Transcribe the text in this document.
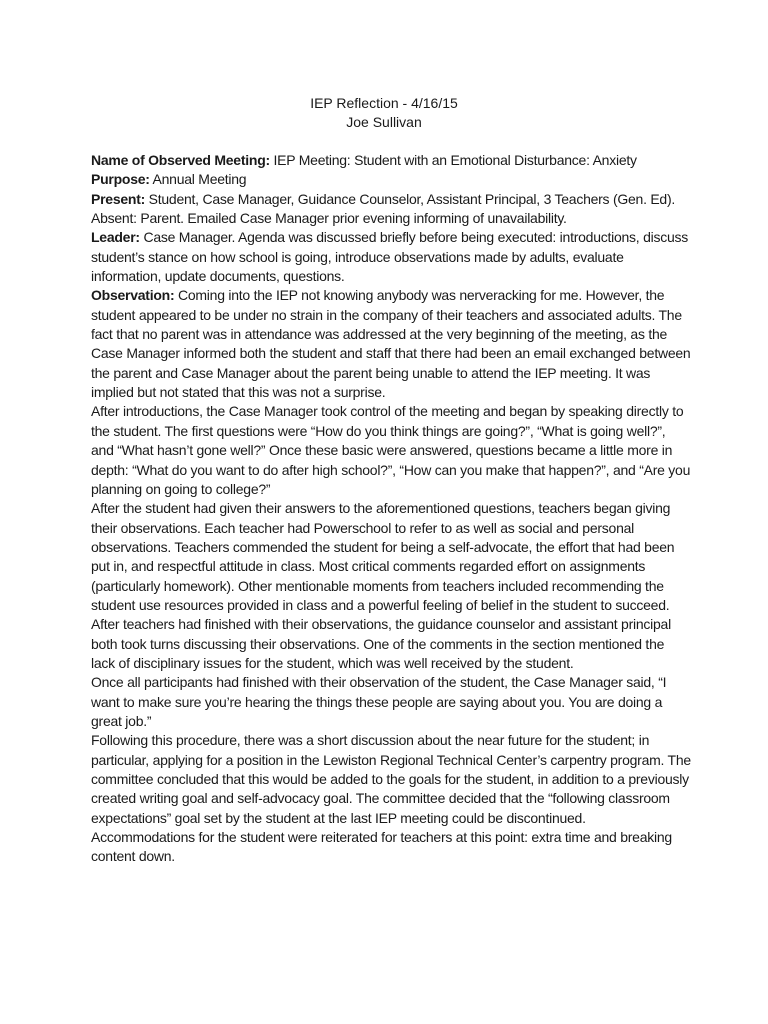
IEP Reflection - 4/16/15
Joe Sullivan

Name of Observed Meeting: IEP Meeting: Student with an Emotional Disturbance: Anxiety

Purpose: Annual Meeting

Present: Student, Case Manager, Guidance Counselor, Assistant Principal, 3 Teachers (Gen. Ed). Absent: Parent. Emailed Case Manager prior evening informing of unavailability.

Leader: Case Manager. Agenda was discussed briefly before being executed: introductions, discuss student’s stance on how school is going, introduce observations made by adults, evaluate information, update documents, questions.

Observation: Coming into the IEP not knowing anybody was nerveracking for me. However, the student appeared to be under no strain in the company of their teachers and associated adults. The fact that no parent was in attendance was addressed at the very beginning of the meeting, as the Case Manager informed both the student and staff that there had been an email exchanged between the parent and Case Manager about the parent being unable to attend the IEP meeting. It was implied but not stated that this was not a surprise.

After introductions, the Case Manager took control of the meeting and began by speaking directly to the student. The first questions were “How do you think things are going?”, “What is going well?”, and “What hasn’t gone well?” Once these basic were answered, questions became a little more in depth: “What do you want to do after high school?”, “How can you make that happen?”, and “Are you planning on going to college?”

After the student had given their answers to the aforementioned questions, teachers began giving their observations. Each teacher had Powerschool to refer to as well as social and personal observations. Teachers commended the student for being a self-advocate, the effort that had been put in, and respectful attitude in class. Most critical comments regarded effort on assignments (particularly homework). Other mentionable moments from teachers included recommending the student use resources provided in class and a powerful feeling of belief in the student to succeed.

After teachers had finished with their observations, the guidance counselor and assistant principal both took turns discussing their observations. One of the comments in the section mentioned the lack of disciplinary issues for the student, which was well received by the student.

Once all participants had finished with their observation of the student, the Case Manager said, “I want to make sure you’re hearing the things these people are saying about you. You are doing a great job.”

Following this procedure, there was a short discussion about the near future for the student; in particular, applying for a position in the Lewiston Regional Technical Center’s carpentry program. The committee concluded that this would be added to the goals for the student, in addition to a previously created writing goal and self-advocacy goal. The committee decided that the “following classroom expectations” goal set by the student at the last IEP meeting could be discontinued.

Accommodations for the student were reiterated for teachers at this point: extra time and breaking content down.
